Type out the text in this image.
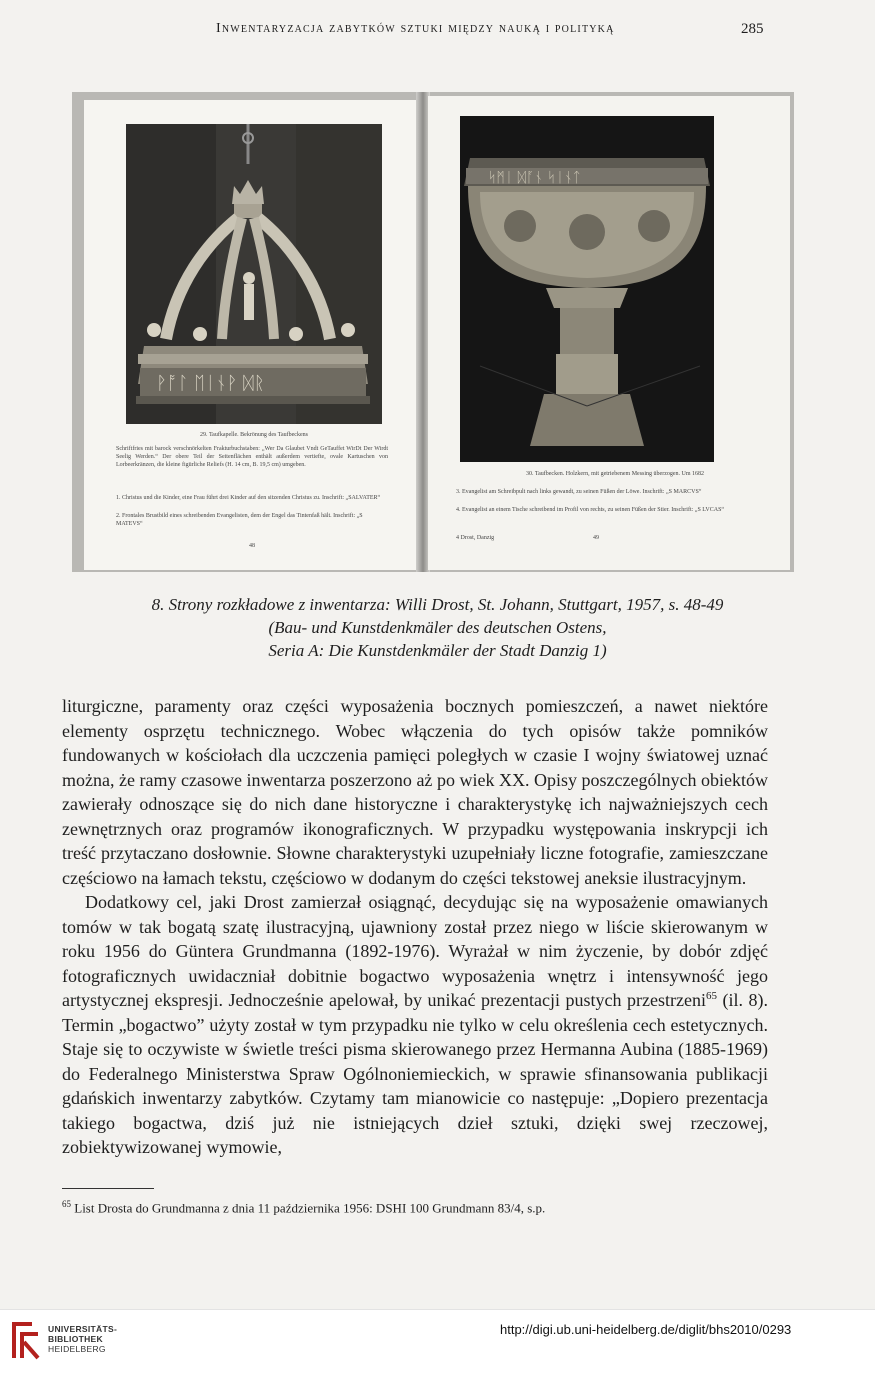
Inwentaryzacja zabytków sztuki między nauką i polityką	285
ᚹᚩᛚ ᛖᛁᚾᚹ ᛞᚱ
29. Taufkapelle. Bekrönung des Taufbeckens
Schriftfries mit barock verschnörkelten Frakturbuchstaben: „Wer Da Glaubet Vndt GeTauffet WirDt Der Wirdt Seelig Werden.“ Der obere Teil der Seitenflächen enthält außerdem vertiefte, ovale Kartuschen von Lorbeerkränzen, die kleine figürliche Reliefs (H. 14 cm, B. 19,5 cm) umgeben.
1. Christus und die Kinder, eine Frau führt drei Kinder auf den sitzenden Christus zu. Inschrift: „SALVATER“
2. Frontales Brustbild eines schreibenden Evangelisten, dem der Engel das Tintenfaß hält. Inschrift: „S MATEVS“
48
ᛋᛗᛁ ᛞᚪᚾ ᛋᛁᚾᛏ
30. Taufbecken. Holzkern, mit getriebenem Messing überzogen. Um 1682
3. Evangelist am Schreibpult nach links gewandt, zu seinen Füßen der Löwe. Inschrift: „S MARCVS“
4. Evangelist an einem Tische schreibend im Profil von rechts, zu seinen Füßen der Stier. Inschrift: „S LVCAS“
4 Drost, Danzig	49
8. Strony rozkładowe z inwentarza: Willi Drost, St. Johann, Stuttgart, 1957, s. 48-49
(Bau- und Kunstdenkmäler des deutschen Ostens,
Seria A: Die Kunstdenkmäler der Stadt Danzig 1)

liturgiczne, paramenty oraz części wyposażenia bocznych pomieszczeń, a nawet niektóre elementy osprzętu technicznego. Wobec włączenia do tych opisów także pomników fundowanych w kościołach dla uczczenia pamięci poległych w czasie I wojny światowej uznać można, że ramy czasowe inwentarza poszerzono aż po wiek XX. Opisy poszczególnych obiektów zawierały odnoszące się do nich dane historyczne i charakterystykę ich najważniejszych cech zewnętrznych oraz programów ikonograficznych. W przypadku występowania inskrypcji ich treść przytaczano dosłownie. Słowne charakterystyki uzupełniały liczne fotografie, zamieszczane częściowo na łamach tekstu, częściowo w dodanym do części tekstowej aneksie ilustracyjnym.

Dodatkowy cel, jaki Drost zamierzał osiągnąć, decydując się na wyposażenie omawianych tomów w tak bogatą szatę ilustracyjną, ujawniony został przez niego w liście skierowanym w roku 1956 do Güntera Grundmanna (1892-1976). Wyrażał w nim życzenie, by dobór zdjęć fotograficznych uwidaczniał dobitnie bogactwo wyposażenia wnętrz i intensywność jego artystycznej ekspresji. Jednocześnie apelował, by unikać prezentacji pustych przestrzeni$^{65}$ (il. 8). Termin „bogactwo” użyty został w tym przypadku nie tylko w celu określenia cech estetycznych. Staje się to oczywiste w świetle treści pisma skierowanego przez Hermanna Aubina (1885-1969) do Federalnego Ministerstwa Spraw Ogólnoniemieckich, w sprawie sfinansowania publikacji gdańskich inwentarzy zabytków. Czytamy tam mianowicie co następuje: „Dopiero prezentacja takiego bogactwa, dziś już nie istniejących dzieł sztuki, dzięki swej rzeczowej, zobiektywizowanej wymowie,

$^{65}$ List Drosta do Grundmanna z dnia 11 października 1956: DSHI 100 Grundmann 83/4, s.p.
UNIVERSITÄTS-
BIBLIOTHEK
HEIDELBERG
http://digi.ub.uni-heidelberg.de/diglit/bhs2010/0293
